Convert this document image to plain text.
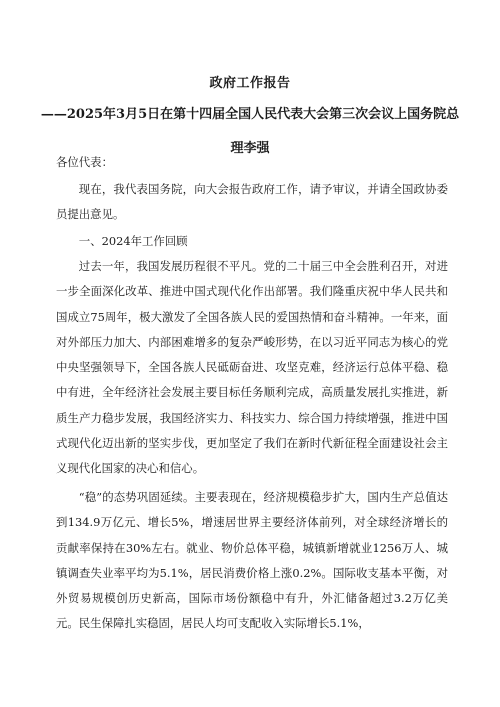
政府工作报告
——2025年3月5日在第十四届全国人民代表大会第三次会议上国务院总
理李强

各位代表：

现在，我代表国务院，向大会报告政府工作，请予审议，并请全国政协委员提出意见。

一、2024年工作回顾

过去一年，我国发展历程很不平凡。党的二十届三中全会胜利召开，对进一步全面深化改革、推进中国式现代化作出部署。我们隆重庆祝中华人民共和国成立75周年，极大激发了全国各族人民的爱国热情和奋斗精神。一年来，面对外部压力加大、内部困难增多的复杂严峻形势，在以习近平同志为核心的党中央坚强领导下，全国各族人民砥砺奋进、攻坚克难，经济运行总体平稳、稳中有进，全年经济社会发展主要目标任务顺利完成，高质量发展扎实推进，新质生产力稳步发展，我国经济实力、科技实力、综合国力持续增强，推进中国式现代化迈出新的坚实步伐，更加坚定了我们在新时代新征程全面建设社会主义现代化国家的决心和信心。

“稳”的态势巩固延续。主要表现在，经济规模稳步扩大，国内生产总值达到134.9万亿元、增长5%，增速居世界主要经济体前列，对全球经济增长的贡献率保持在30%左右。就业、物价总体平稳，城镇新增就业1256万人、城镇调查失业率平均为5.1%，居民消费价格上涨0.2%。国际收支基本平衡，对外贸易规模创历史新高，国际市场份额稳中有升，外汇储备超过3.2万亿美元。民生保障扎实稳固，居民人均可支配收入实际增长5.1%，
